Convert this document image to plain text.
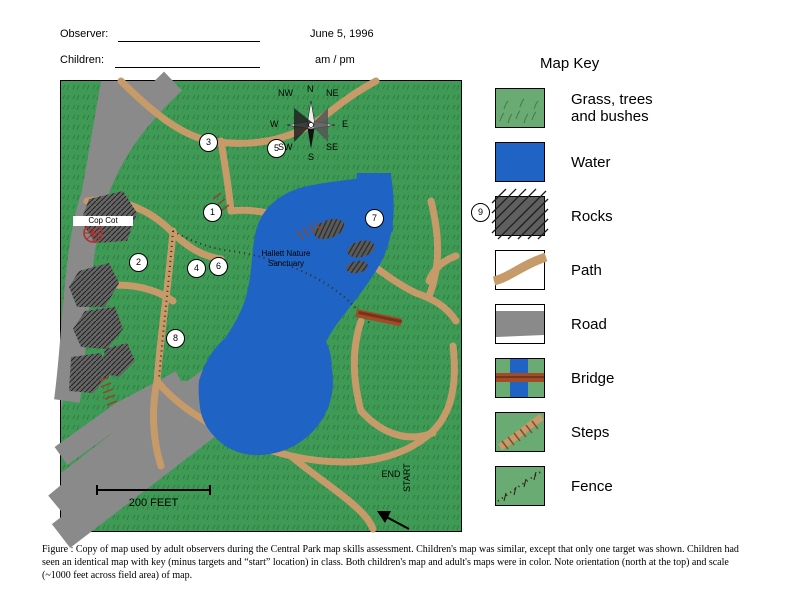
Observer:	June 5, 1996
Children:	am / pm
Cop Cot
Hallett Nature
Sanctuary
END START
3
5
1
2
4	6
7
8
9
N NE
E
SE
S
SW
W
NW
200 FEET
Map Key
Grass, trees
and bushes
Water
Rocks
Path
Road
Bridge
Steps
Fence
Figure : Copy of map used by adult observers during the Central Park map skills assessment. Children's map was similar, except that only one target was shown. Children had seen an identical map with key (minus targets and “start” location) in class. Both children's map and adult's maps were in color. Note orientation (north at the top) and scale (~1000 feet across field area) of map.
